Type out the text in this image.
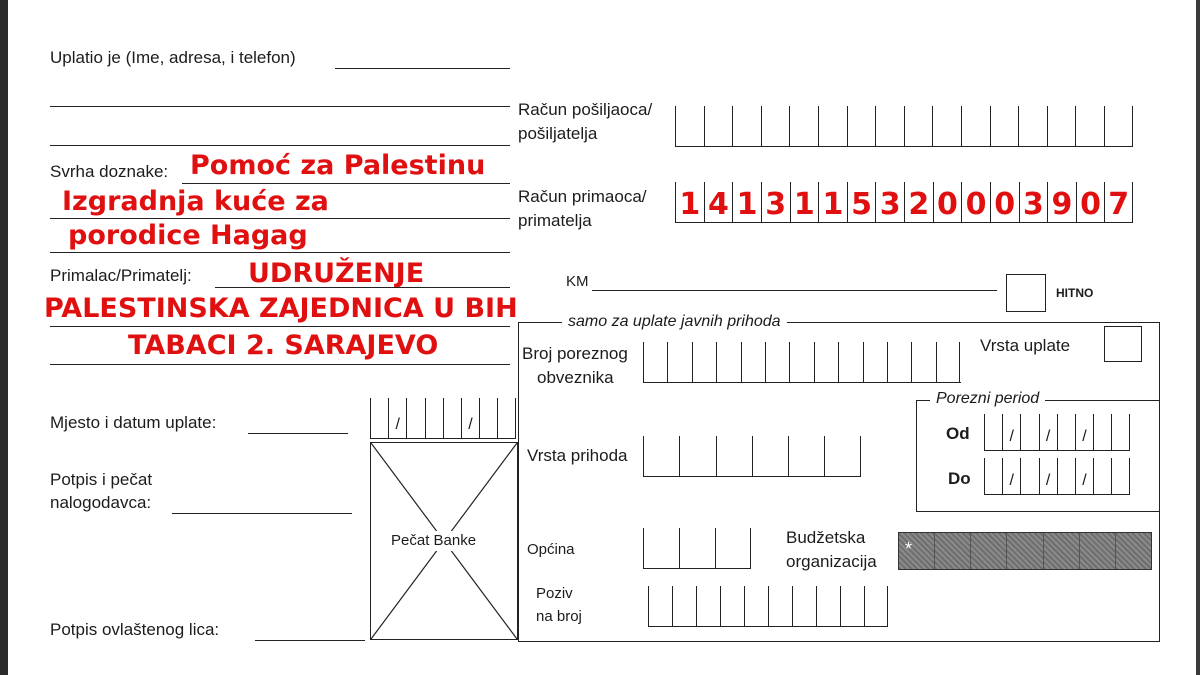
Uplatio je (Ime, adresa, i telefon)
Račun pošiljaoca/
pošiljatelja
Svrha doznake: Pomoć za Palestinu
Izgradnja kuće za
porodice Hagag
Račun primaoca/
primatelja	1 4 1 3 1 1 5 3 2 0 0 0 3 9 0 7
Primalac/Primatelj: UDRUŽENJE
PALESTINSKA ZAJEDNICA U BIH
TABACI 2. SARAJEVO
KM
HITNO
samo za uplate javnih prihoda
Broj poreznog
obveznika
Vrsta uplate
Mjesto i datum uplate:
/
/
Porezni period
Od
/
/
/
Do
/
/
/
Vrsta prihoda
Potpis i pečat
nalogodavca:
Pečat Banke
Općina
Budžetska
organizacija
*
Poziv
na broj
Potpis ovlaštenog lica:
